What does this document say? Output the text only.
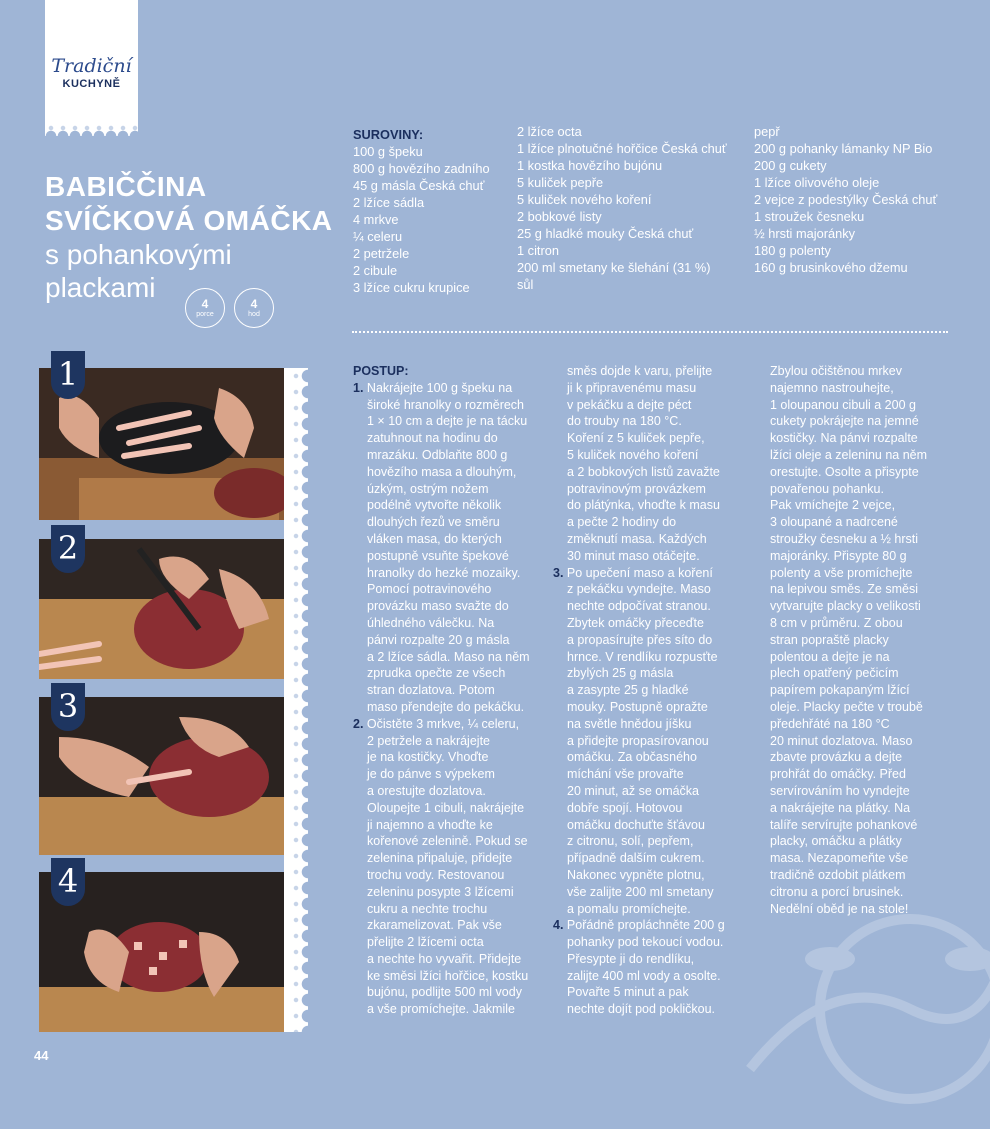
Tradiční
KUCHYNĚ
BABIČČINA
SVÍČKOVÁ OMÁČKA
s pohankovými
plackami
4
porce
4
hod
SUROVINY:
100 g špeku
800 g hovězího zadního
45 g másla Česká chuť
2 lžíce sádla
4 mrkve
¼ celeru
2 petržele
2 cibule
3 lžíce cukru krupice
2 lžíce octa
1 lžíce plnotučné hořčice Česká chuť
1 kostka hovězího bujónu
5 kuliček pepře
5 kuliček nového koření
2 bobkové listy
25 g hladké mouky Česká chuť
1 citron
200 ml smetany ke šlehání (31 %)
sůl
pepř
200 g pohanky lámanky NP Bio
200 g cukety
1 lžíce olivového oleje
2 vejce z podestýlky Česká chuť
1 stroužek česneku
½ hrsti majoránky
180 g polenty
160 g brusinkového džemu
POSTUP:

1. Nakrájejte 100 g špeku na

široké hranolky o rozměrech

1 × 10 cm a dejte je na tácku

zatuhnout na hodinu do

mrazáku. Odblaňte 800 g

hovězího masa a dlouhým,

úzkým, ostrým nožem

podélně vytvořte několik

dlouhých řezů ve směru

vláken masa, do kterých

postupně vsuňte špekové

hranolky do hezké mozaiky.

Pomocí potravinového

provázku maso svažte do

úhledného válečku. Na

pánvi rozpalte 20 g másla

a 2 lžíce sádla. Maso na něm

zprudka opečte ze všech

stran dozlatova. Potom

maso přendejte do pekáčku.

2. Očistěte 3 mrkve, ¼ celeru,

2 petržele a nakrájejte

je na kostičky. Vhoďte

je do pánve s výpekem

a orestujte dozlatova.

Oloupejte 1 cibuli, nakrájejte

ji najemno a vhoďte ke

kořenové zelenině. Pokud se

zelenina připaluje, přidejte

trochu vody. Restovanou

zeleninu posypte 3 lžícemi

cukru a nechte trochu

zkaramelizovat. Pak vše

přelijte 2 lžícemi octa

a nechte ho vyvařit. Přidejte

ke směsi lžíci hořčice, kostku

bujónu, podlijte 500 ml vody

a vše promíchejte. Jakmile

směs dojde k varu, přelijte

ji k připravenému masu

v pekáčku a dejte péct

do trouby na 180 °C.

Koření z 5 kuliček pepře,

5 kuliček nového koření

a 2 bobkových listů zavažte

potravinovým provázkem

do plátýnka, vhoďte k masu

a pečte 2 hodiny do

změknutí masa. Každých

30 minut maso otáčejte.

3. Po upečení maso a koření

z pekáčku vyndejte. Maso

nechte odpočívat stranou.

Zbytek omáčky přeceďte

a propasírujte přes síto do

hrnce. V rendlíku rozpusťte

zbylých 25 g másla

a zasypte 25 g hladké

mouky. Postupně opražte

na světle hnědou jíšku

a přidejte propasírovanou

omáčku. Za občasného

míchání vše provařte

20 minut, až se omáčka

dobře spojí. Hotovou

omáčku dochuťte šťávou

z citronu, solí, pepřem,

případně dalším cukrem.

Nakonec vypněte plotnu,

vše zalijte 200 ml smetany

a pomalu promíchejte.

4. Pořádně propláchněte 200 g

pohanky pod tekoucí vodou.

Přesypte ji do rendlíku,

zalijte 400 ml vody a osolte.

Povařte 5 minut a pak

nechte dojít pod pokličkou.

Zbylou očištěnou mrkev

najemno nastrouhejte,

1 oloupanou cibuli a 200 g

cukety pokrájejte na jemné

kostičky. Na pánvi rozpalte

lžíci oleje a zeleninu na něm

orestujte. Osolte a přisypte

povařenou pohanku.

Pak vmíchejte 2 vejce,

3 oloupané a nadrcené

stroužky česneku a ½ hrsti

majoránky. Přisypte 80 g

polenty a vše promíchejte

na lepivou směs. Ze směsi

vytvarujte placky o velikosti

8 cm v průměru. Z obou

stran popraště placky

polentou a dejte je na

plech opatřený pečicím

papírem pokapaným lžící

oleje. Placky pečte v troubě

předehřáté na 180 °C

20 minut dozlatova. Maso

zbavte provázku a dejte

prohřát do omáčky. Před

servírováním ho vyndejte

a nakrájejte na plátky. Na

talíře servírujte pohankové

placky, omáčku a plátky

masa. Nezapomeňte vše

tradičně ozdobit plátkem

citronu a porcí brusinek.

Nedělní oběd je na stole!

1
2
3
4
44
